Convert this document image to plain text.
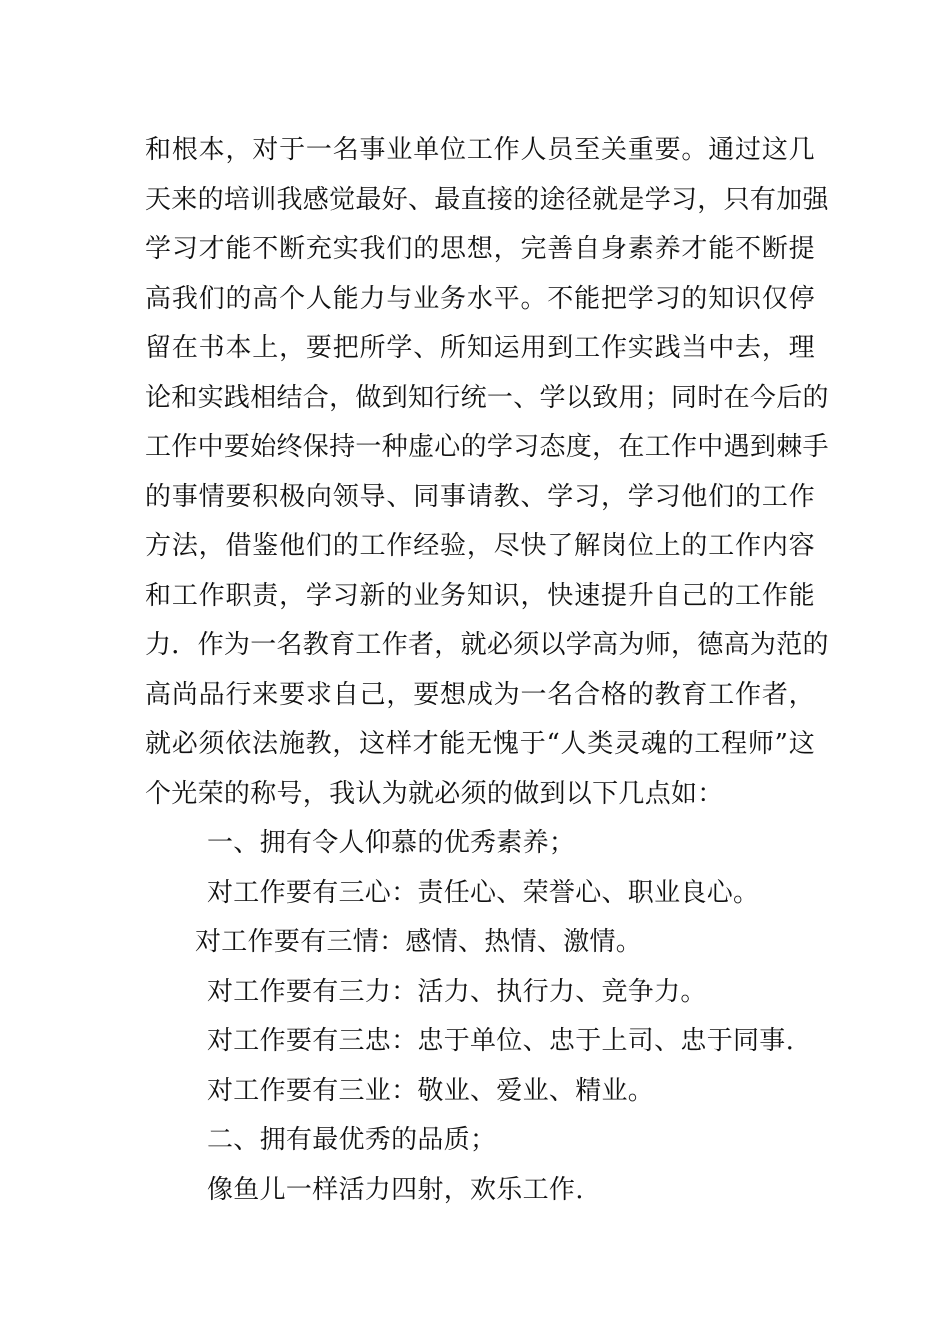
和根本，对于一名事业单位工作人员至关重要。通过这几
天来的培训我感觉最好、最直接的途径就是学习，只有加强
学习才能不断充实我们的思想，完善自身素养才能不断提
高我们的高个人能力与业务水平。不能把学习的知识仅停
留在书本上，要把所学、所知运用到工作实践当中去，理
论和实践相结合，做到知行统一、学以致用；同时在今后的
工作中要始终保持一种虚心的学习态度，在工作中遇到棘手
的事情要积极向领导、同事请教、学习，学习他们的工作
方法，借鉴他们的工作经验，尽快了解岗位上的工作内容
和工作职责，学习新的业务知识，快速提升自己的工作能
力．作为一名教育工作者，就必须以学高为师，德高为范的
高尚品行来要求自己，要想成为一名合格的教育工作者，
就必须依法施教，这样才能无愧于“人类灵魂的工程师”这
个光荣的称号，我认为就必须的做到以下几点如：
一、拥有令人仰慕的优秀素养；
对工作要有三心：责任心、荣誉心、职业良心。
对工作要有三情：感情、热情、激情。
对工作要有三力：活力、执行力、竞争力。
对工作要有三忠：忠于单位、忠于上司、忠于同事.
对工作要有三业：敬业、爱业、精业。
二、拥有最优秀的品质；
像鱼儿一样活力四射，欢乐工作.
